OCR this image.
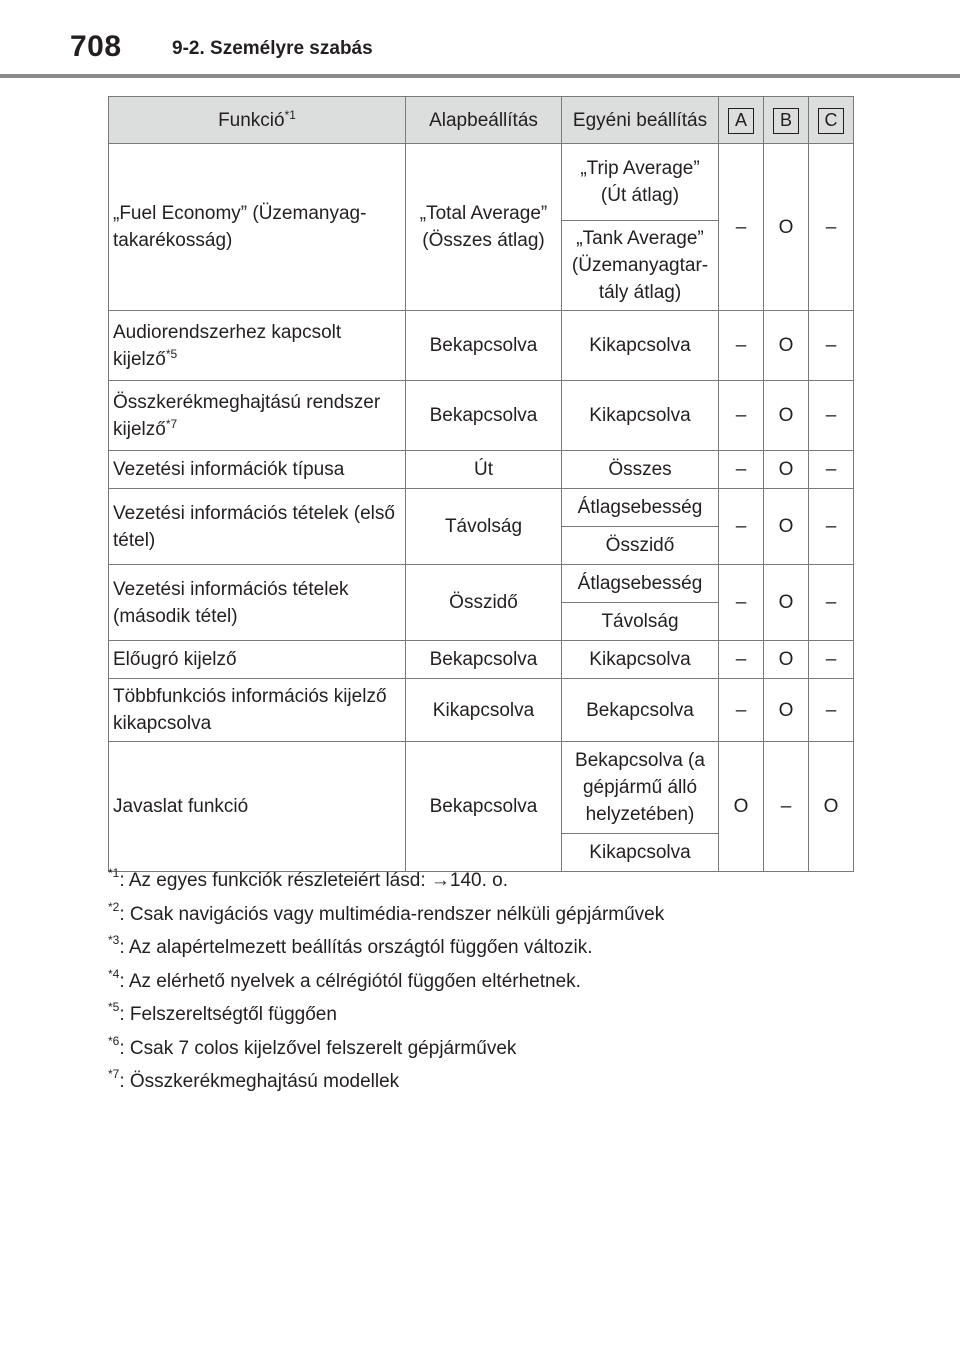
708	9-2. Személyre szabás
Funkció$^{*1}$	Alapbeállítás	Egyéni beállítás	A	B	C
„Fuel Economy” (Üzemanyag-takarékosság)	„Total Average” (Összes átlag)	„Trip Average” (Út átlag)	–	O	–
		„Tank Average” (Üzemanyagtar-tály átlag)			
Audiorendszerhez kapcsolt kijelző$^{*5}$	Bekapcsolva	Kikapcsolva	–	O	–
Összkerékmeghajtású rendszer kijelző$^{*7}$	Bekapcsolva	Kikapcsolva	–	O	–
Vezetési információk típusa	Út	Összes	–	O	–
Vezetési információs tételek (első tétel)	Távolság	Átlagsebesség	–	O	–
		Összidő			
Vezetési információs tételek (második tétel)	Összidő	Átlagsebesség	–	O	–
		Távolság			
Előugró kijelző	Bekapcsolva	Kikapcsolva	–	O	–
Többfunkciós információs kijelző kikapcsolva	Kikapcsolva	Bekapcsolva	–	O	–
Javaslat funkció	Bekapcsolva	Bekapcsolva (a gépjármű álló helyzetében)	O	–	O
		Kikapcsolva			
$^{*1}$: Az egyes funkciók részleteiért lásd: →140. o.
$^{*2}$: Csak navigációs vagy multimédia-rendszer nélküli gépjárművek
$^{*3}$: Az alapértelmezett beállítás országtól függően változik.
$^{*4}$: Az elérhető nyelvek a célrégiótól függően eltérhetnek.
$^{*5}$: Felszereltségtől függően
$^{*6}$: Csak 7 colos kijelzővel felszerelt gépjárművek
$^{*7}$: Összkerékmeghajtású modellek
